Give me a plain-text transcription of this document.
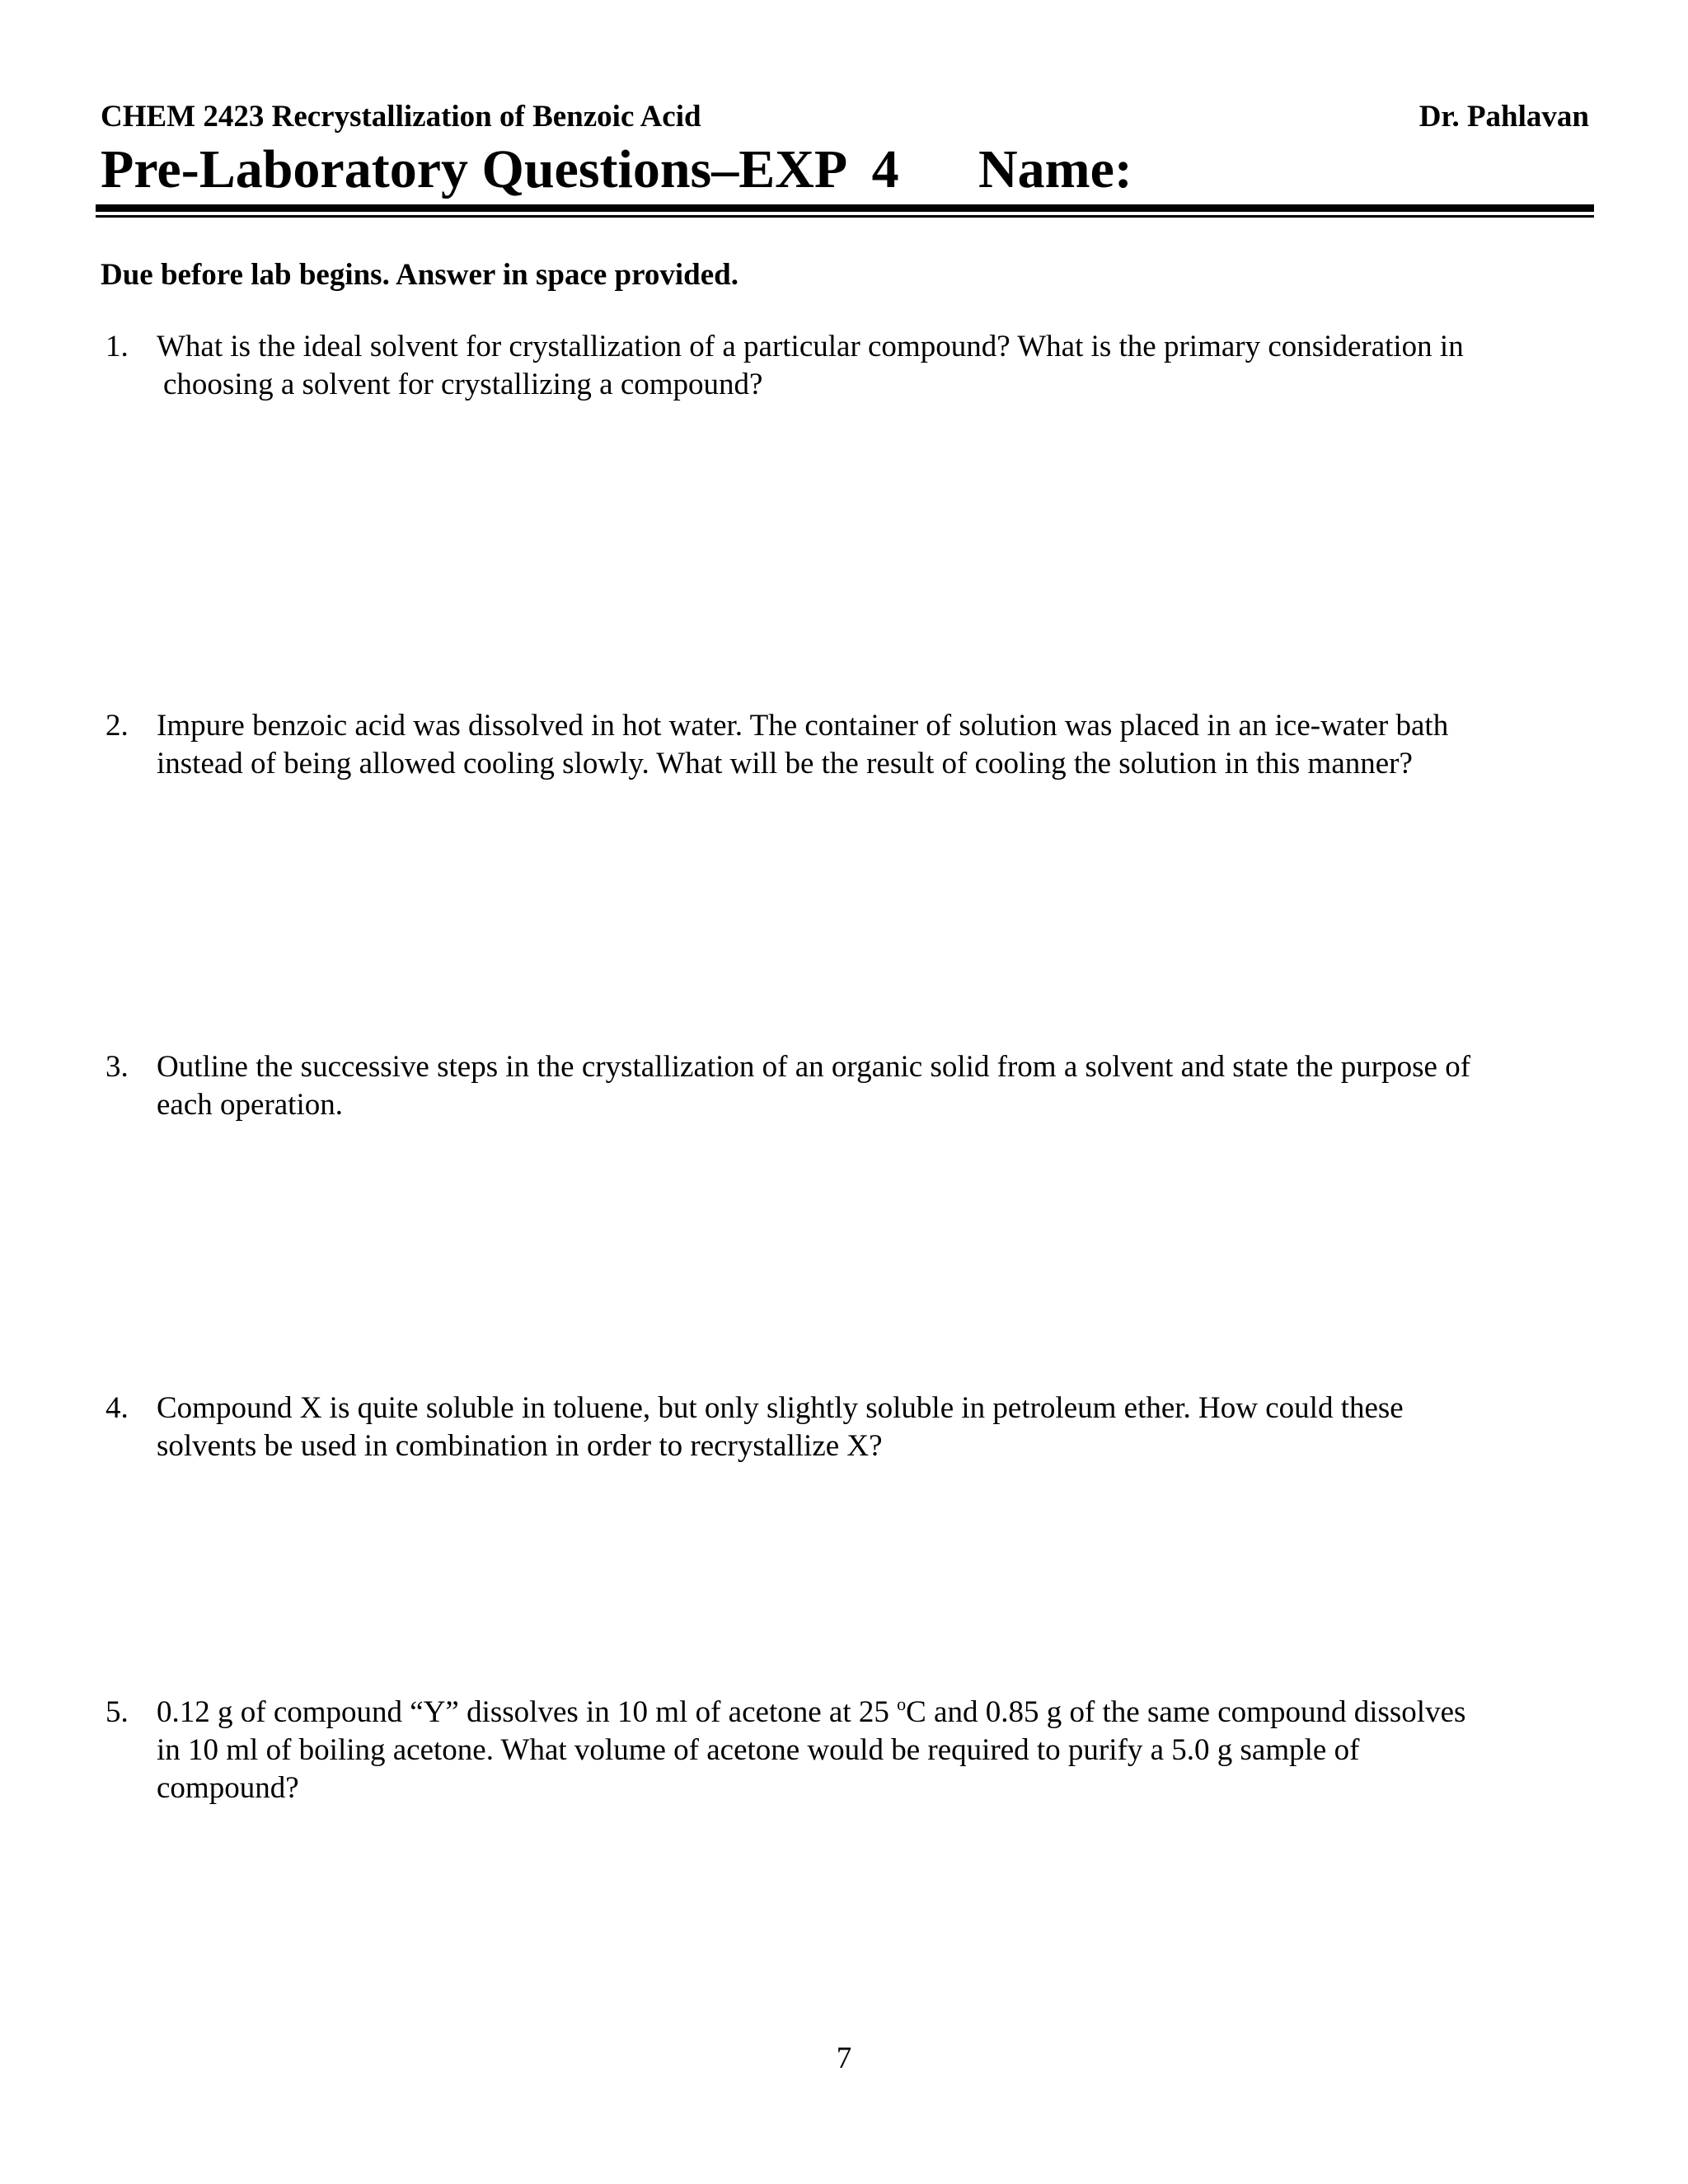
CHEM 2423 Recrystallization of Benzoic Acid	Dr. Pahlavan
Pre-Laboratory Questions–EXP  4 Name:
Due before lab begins. Answer in space provided.
1. What is the ideal solvent for crystallization of a particular compound? What is the primary consideration in
choosing a solvent for crystallizing a compound?
2. Impure benzoic acid was dissolved in hot water. The container of solution was placed in an ice-water bath
instead of being allowed cooling slowly. What will be the result of cooling the solution in this manner?
3. Outline the successive steps in the crystallization of an organic solid from a solvent and state the purpose of
each operation.
4. Compound X is quite soluble in toluene, but only slightly soluble in petroleum ether. How could these
solvents be used in combination in order to recrystallize X?
5. 0.12 g of compound “Y” dissolves in 10 ml of acetone at 25 $^o$C and 0.85 g of the same compound dissolves
in 10 ml of boiling acetone. What volume of acetone would be required to purify a 5.0 g sample of
compound?
7
